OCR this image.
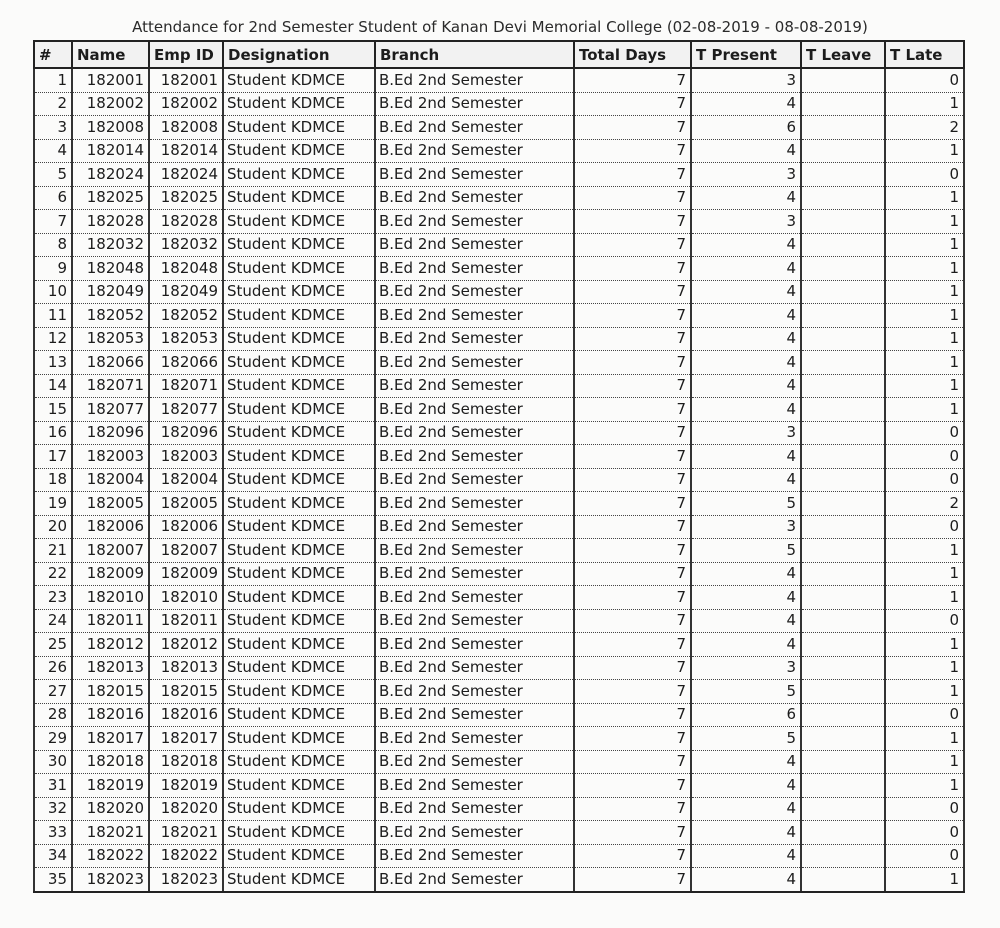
Attendance for 2nd Semester Student of Kanan Devi Memorial College (02-08-2019 - 08-08-2019)
#	Name	Emp ID	Designation	Branch	Total Days	T Present	T Leave	T Late
1	182001	182001	Student KDMCE	B.Ed 2nd Semester	7	3		0
2	182002	182002	Student KDMCE	B.Ed 2nd Semester	7	4		1
3	182008	182008	Student KDMCE	B.Ed 2nd Semester	7	6		2
4	182014	182014	Student KDMCE	B.Ed 2nd Semester	7	4		1
5	182024	182024	Student KDMCE	B.Ed 2nd Semester	7	3		0
6	182025	182025	Student KDMCE	B.Ed 2nd Semester	7	4		1
7	182028	182028	Student KDMCE	B.Ed 2nd Semester	7	3		1
8	182032	182032	Student KDMCE	B.Ed 2nd Semester	7	4		1
9	182048	182048	Student KDMCE	B.Ed 2nd Semester	7	4		1
10	182049	182049	Student KDMCE	B.Ed 2nd Semester	7	4		1
11	182052	182052	Student KDMCE	B.Ed 2nd Semester	7	4		1
12	182053	182053	Student KDMCE	B.Ed 2nd Semester	7	4		1
13	182066	182066	Student KDMCE	B.Ed 2nd Semester	7	4		1
14	182071	182071	Student KDMCE	B.Ed 2nd Semester	7	4		1
15	182077	182077	Student KDMCE	B.Ed 2nd Semester	7	4		1
16	182096	182096	Student KDMCE	B.Ed 2nd Semester	7	3		0
17	182003	182003	Student KDMCE	B.Ed 2nd Semester	7	4		0
18	182004	182004	Student KDMCE	B.Ed 2nd Semester	7	4		0
19	182005	182005	Student KDMCE	B.Ed 2nd Semester	7	5		2
20	182006	182006	Student KDMCE	B.Ed 2nd Semester	7	3		0
21	182007	182007	Student KDMCE	B.Ed 2nd Semester	7	5		1
22	182009	182009	Student KDMCE	B.Ed 2nd Semester	7	4		1
23	182010	182010	Student KDMCE	B.Ed 2nd Semester	7	4		1
24	182011	182011	Student KDMCE	B.Ed 2nd Semester	7	4		0
25	182012	182012	Student KDMCE	B.Ed 2nd Semester	7	4		1
26	182013	182013	Student KDMCE	B.Ed 2nd Semester	7	3		1
27	182015	182015	Student KDMCE	B.Ed 2nd Semester	7	5		1
28	182016	182016	Student KDMCE	B.Ed 2nd Semester	7	6		0
29	182017	182017	Student KDMCE	B.Ed 2nd Semester	7	5		1
30	182018	182018	Student KDMCE	B.Ed 2nd Semester	7	4		1
31	182019	182019	Student KDMCE	B.Ed 2nd Semester	7	4		1
32	182020	182020	Student KDMCE	B.Ed 2nd Semester	7	4		0
33	182021	182021	Student KDMCE	B.Ed 2nd Semester	7	4		0
34	182022	182022	Student KDMCE	B.Ed 2nd Semester	7	4		0
35	182023	182023	Student KDMCE	B.Ed 2nd Semester	7	4		1
